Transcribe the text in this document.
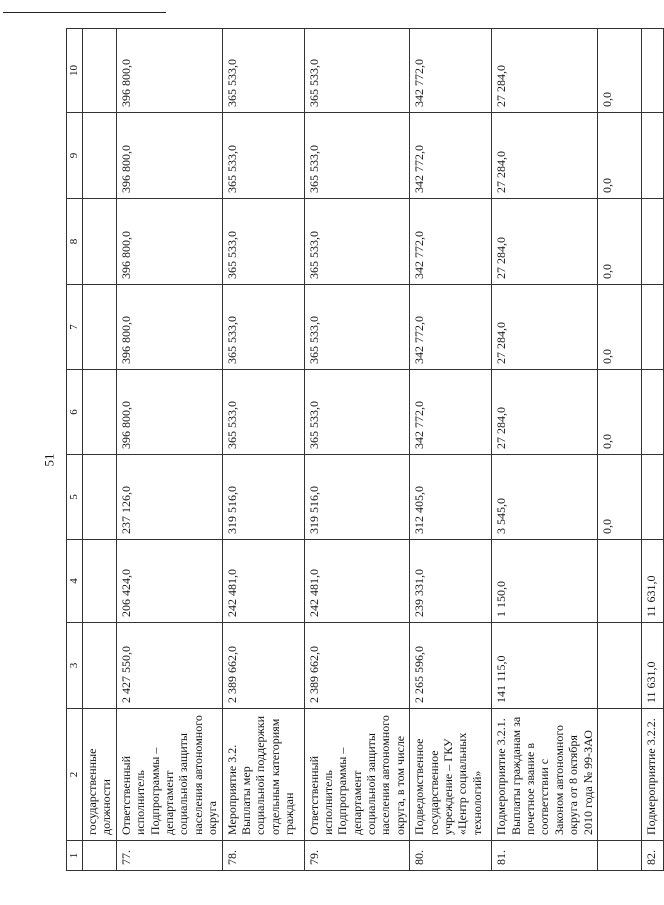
51
1	2	3	4	5	6	7	8	9	10
	государственные должности								
77.	Ответственный исполнитель Подпрограммы – департамент социальной защиты населения автономного округа	2 427 550,0	206 424,0	237 126,0	396 800,0	396 800,0	396 800,0	396 800,0	396 800,0
78.	Мероприятие 3.2. Выплаты мер социальной поддержки отдельным категориям граждан	2 389 662,0	242 481,0	319 516,0	365 533,0	365 533,0	365 533,0	365 533,0	365 533,0
79.	Ответственный исполнитель Подпрограммы – департамент социальной защиты населения автономного округа, в том числе	2 389 662,0	242 481,0	319 516,0	365 533,0	365 533,0	365 533,0	365 533,0	365 533,0
80.	Подведомственное государственное учреждение – ГКУ «Центр социальных технологий»	2 265 596,0	239 331,0	312 405,0	342 772,0	342 772,0	342 772,0	342 772,0	342 772,0
81.	Подмероприятие 3.2.1. Выплаты гражданам за почетное звание в соответствии с Законом автономного округа от 8 октября 2010 года № 99-ЗАО	141 115,0	1 150,0	3 545,0	27 284,0	27 284,0	27 284,0	27 284,0	27 284,0
				0,0	0,0	0,0	0,0	0,0	0,0
82.	Подмероприятие 3.2.2.	11 631,0	11 631,0						
